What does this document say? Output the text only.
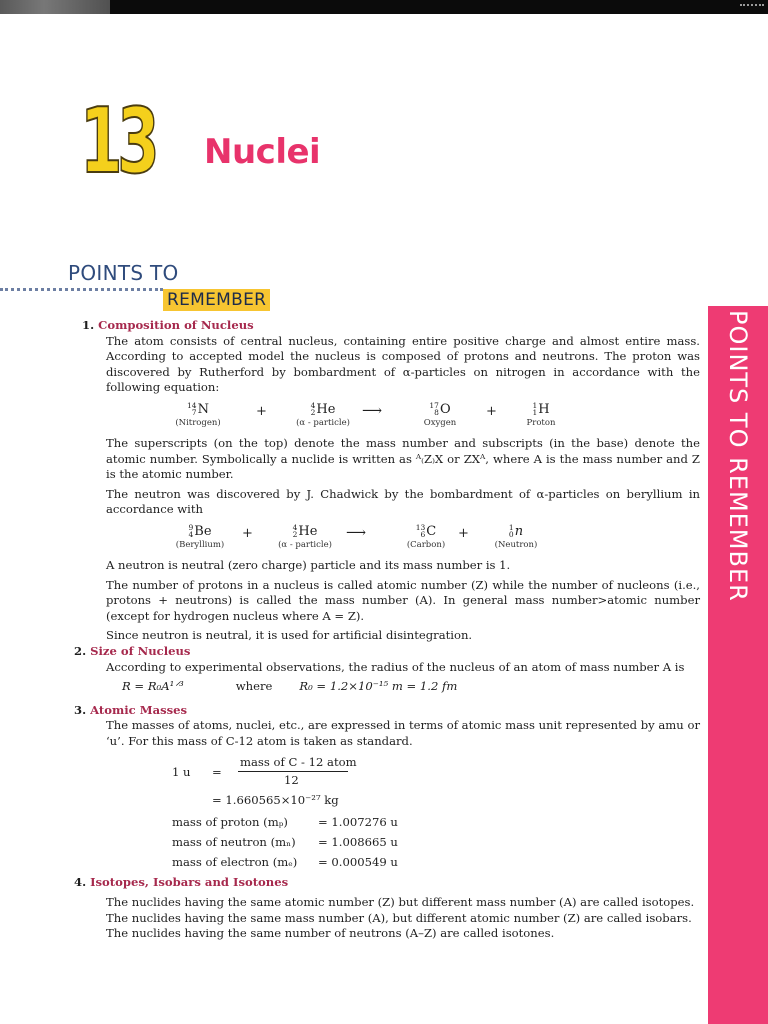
13 Nuclei
POINTS TO
REMEMBER
POINTS TO REMEMBER

1. Composition of Nucleus

The atom consists of central nucleus, containing entire positive charge and almost entire mass. According to accepted model the nucleus is composed of protons and neutrons. The proton was discovered by Rutherford by bombardment of α-particles on nitrogen in accordance with the following equation:

14
7N
(Nitrogen)
+	4
2He
(α - particle)
⟶	17
8O
Oxygen
+	1
1H
Proton

The superscripts (on the top) denote the mass number and subscripts (in the base) denote the atomic number. Symbolically a nuclide is written as ᴬ₍Z₎X or ZXᴬ, where A is the mass number and Z is the atomic number.

The neutron was discovered by J. Chadwick by the bombardment of α-particles on beryllium in accordance with

9
4Be
(Beryllium)
+	4
2He
(α - particle)
⟶	13
6C
(Carbon)
+	1
0n
(Neutron)

A neutron is neutral (zero charge) particle and its mass number is 1.

The number of protons in a nucleus is called atomic number (Z) while the number of nucleons (i.e., protons + neutrons) is called the mass number (A). In general mass number>atomic number (except for hydrogen nucleus where A = Z).

Since neutron is neutral, it is used for artificial disintegration.

2. Size of Nucleus

According to experimental observations, the radius of the nucleus of an atom of mass number A is

R = R₀A¹ᐟ³	where R₀ = 1.2×10⁻¹⁵ m = 1.2 fm

3. Atomic Masses

The masses of atoms, nuclei, etc., are expressed in terms of atomic mass unit represented by amu or ‘u’. For this mass of C-12 atom is taken as standard.

1 u =
mass of C - 12 atom
12
= 1.660565×10⁻²⁷ kg
mass of proton (mₚ)	= 1.007276 u
mass of neutron (mₙ) = 1.008665 u
mass of electron (mₑ) = 0.000549 u

4. Isotopes, Isobars and Isotones

The nuclides having the same atomic number (Z) but different mass number (A) are called isotopes.

The nuclides having the same mass number (A), but different atomic number (Z) are called isobars.

The nuclides having the same number of neutrons (A–Z) are called isotones.
